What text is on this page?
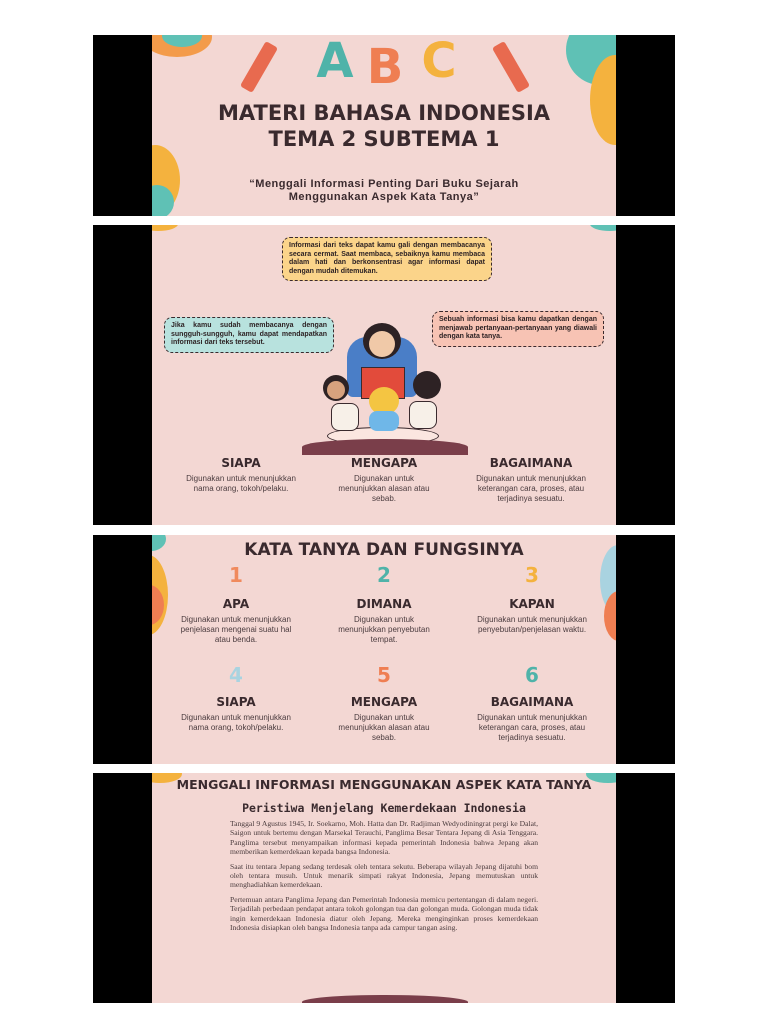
A B C
MATERI BAHASA INDONESIA
TEMA 2 SUBTEMA 1
“Menggali Informasi Penting Dari Buku Sejarah
Menggunakan Aspek Kata Tanya”
Informasi dari teks dapat kamu gali dengan membacanya secara cermat. Saat membaca, sebaiknya kamu membaca dalam hati dan berkonsentrasi agar informasi dapat dengan mudah ditemukan.
Jika kamu sudah membacanya dengan sungguh-sungguh, kamu dapat mendapatkan informasi dari teks tersebut.
Sebuah informasi bisa kamu dapatkan dengan menjawab pertanyaan-pertanyaan yang diawali dengan kata tanya.
SIAPA
Digunakan untuk menunjukkan nama orang, tokoh/pelaku.
MENGAPA
Digunakan untuk menunjukkan alasan atau sebab.
BAGAIMANA
Digunakan untuk menunjukkan keterangan cara, proses, atau terjadinya sesuatu.
KATA TANYA DAN FUNGSINYA
1
APA
Digunakan untuk menunjukkan penjelasan mengenai suatu hal atau benda.
2
DIMANA
Digunakan untuk menunjukkan penyebutan tempat.
3
KAPAN
Digunakan untuk menunjukkan penyebutan/penjelasan waktu.
4
SIAPA
Digunakan untuk menunjukkan nama orang, tokoh/pelaku.
5
MENGAPA
Digunakan untuk menunjukkan alasan atau sebab.
6
BAGAIMANA
Digunakan untuk menunjukkan keterangan cara, proses, atau terjadinya sesuatu.
MENGGALI INFORMASI MENGGUNAKAN ASPEK KATA TANYA
Peristiwa Menjelang Kemerdekaan Indonesia

Tanggal 9 Agustus 1945, Ir. Soekarno, Moh. Hatta dan Dr. Radjiman Wedyodiningrat pergi ke Dalat, Saigon untuk bertemu dengan Marsekal Terauchi, Panglima Besar Tentara Jepang di Asia Tenggara. Panglima tersebut menyampaikan informasi kepada pemerintah Indonesia bahwa Jepang akan memberikan kemerdekaan kepada bangsa Indonesia.

Saat itu tentara Jepang sedang terdesak oleh tentara sekutu. Beberapa wilayah Jepang dijatuhi bom oleh tentara musuh. Untuk menarik simpati rakyat Indonesia, Jepang memutuskan untuk menghadiahkan kemerdekaan.

Pertemuan antara Panglima Jepang dan Pemerintah Indonesia memicu pertentangan di dalam negeri. Terjadilah perbedaan pendapat antara tokoh golongan tua dan golongan muda. Golongan muda tidak ingin kemerdekaan Indonesia diatur oleh Jepang. Mereka menginginkan proses kemerdekaan Indonesia disiapkan oleh bangsa Indonesia tanpa ada campur tangan asing.
